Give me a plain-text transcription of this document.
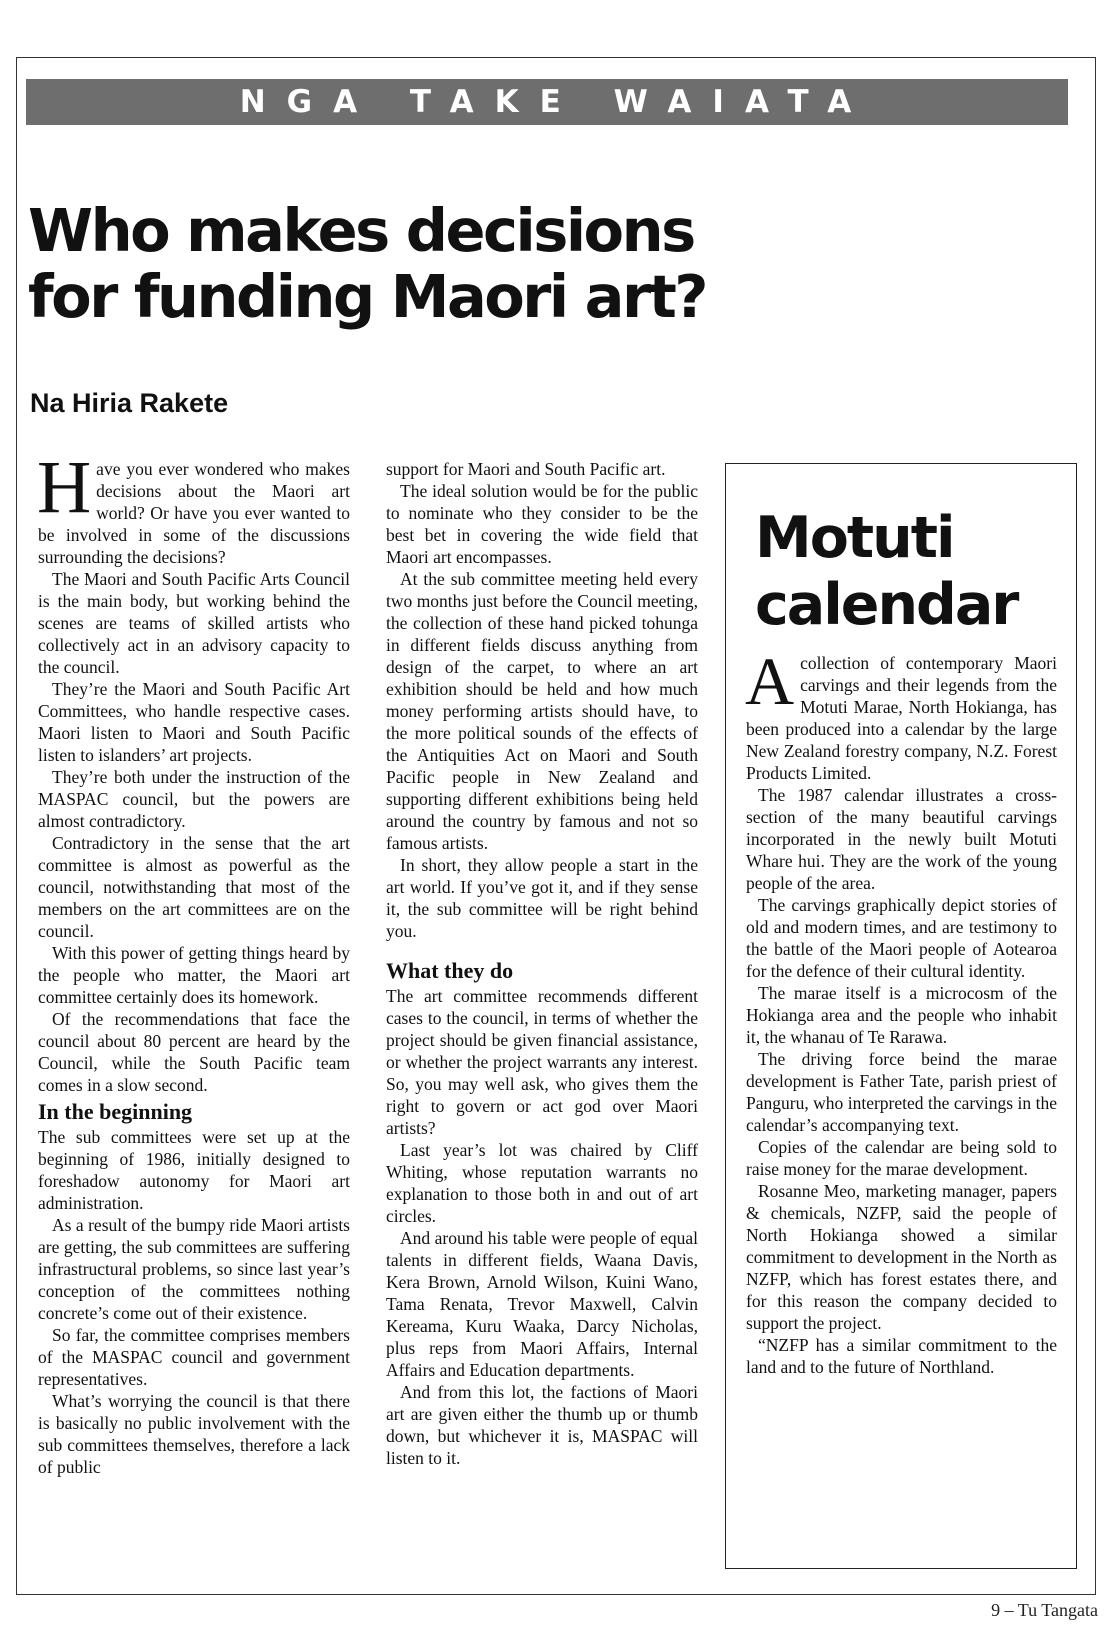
NGA TAKE WAIATA
Who makes decisions
for funding Maori art?
Na Hiria Rakete

Have you ever wondered who makes decisions about the Maori art world? Or have you ever wanted to be involved in some of the discussions surrounding the decisions?

The Maori and South Pacific Arts Council is the main body, but working behind the scenes are teams of skilled artists who collectively act in an advisory capacity to the council.

They’re the Maori and South Pacific Art Committees, who handle respective cases. Maori listen to Maori and South Pacific listen to islanders’ art projects.

They’re both under the instruction of the MASPAC council, but the powers are almost contradictory.

Contradictory in the sense that the art committee is almost as powerful as the council, notwithstanding that most of the members on the art committees are on the council.

With this power of getting things heard by the people who matter, the Maori art committee certainly does its homework.

Of the recommendations that face the council about 80 percent are heard by the Council, while the South Pacific team comes in a slow second.

In the beginning

The sub committees were set up at the beginning of 1986, initially designed to foreshadow autonomy for Maori art administration.

As a result of the bumpy ride Maori artists are getting, the sub committees are suffering infrastructural problems, so since last year’s conception of the committees nothing concrete’s come out of their existence.

So far, the committee comprises members of the MASPAC council and government representatives.

What’s worrying the council is that there is basically no public involvement with the sub committees themselves, therefore a lack of public

support for Maori and South Pacific art.

The ideal solution would be for the public to nominate who they consider to be the best bet in covering the wide field that Maori art encompasses.

At the sub committee meeting held every two months just before the Council meeting, the collection of these hand picked tohunga in different fields discuss anything from design of the carpet, to where an art exhibition should be held and how much money performing artists should have, to the more political sounds of the effects of the Antiquities Act on Maori and South Pacific people in New Zealand and supporting different exhibitions being held around the country by famous and not so famous artists.

In short, they allow people a start in the art world. If you’ve got it, and if they sense it, the sub committee will be right behind you.

What they do

The art committee recommends different cases to the council, in terms of whether the project should be given financial assistance, or whether the project warrants any interest. So, you may well ask, who gives them the right to govern or act god over Maori artists?

Last year’s lot was chaired by Cliff Whiting, whose reputation warrants no explanation to those both in and out of art circles.

And around his table were people of equal talents in different fields, Waana Davis, Kera Brown, Arnold Wilson, Kuini Wano, Tama Renata, Trevor Maxwell, Calvin Kereama, Kuru Waaka, Darcy Nicholas, plus reps from Maori Affairs, Internal Affairs and Education departments.

And from this lot, the factions of Maori art are given either the thumb up or thumb down, but whichever it is, MASPAC will listen to it.

Motuti
calendar

Acollection of contemporary Maori carvings and their legends from the Motuti Marae, North Hokianga, has been produced into a calendar by the large New Zealand forestry company, N.Z. Forest Products Limited.

The 1987 calendar illustrates a cross-section of the many beautiful carvings incorporated in the newly built Motuti Whare hui. They are the work of the young people of the area.

The carvings graphically depict stories of old and modern times, and are testimony to the battle of the Maori people of Aotearoa for the defence of their cultural identity.

The marae itself is a microcosm of the Hokianga area and the people who inhabit it, the whanau of Te Rarawa.

The driving force beind the marae development is Father Tate, parish priest of Panguru, who interpreted the carvings in the calendar’s accompanying text.

Copies of the calendar are being sold to raise money for the marae development.

Rosanne Meo, marketing manager, papers & chemicals, NZFP, said the people of North Hokianga showed a similar commitment to development in the North as NZFP, which has forest estates there, and for this reason the company decided to support the project.

“NZFP has a similar commitment to the land and to the future of Northland.

9 – Tu Tangata
